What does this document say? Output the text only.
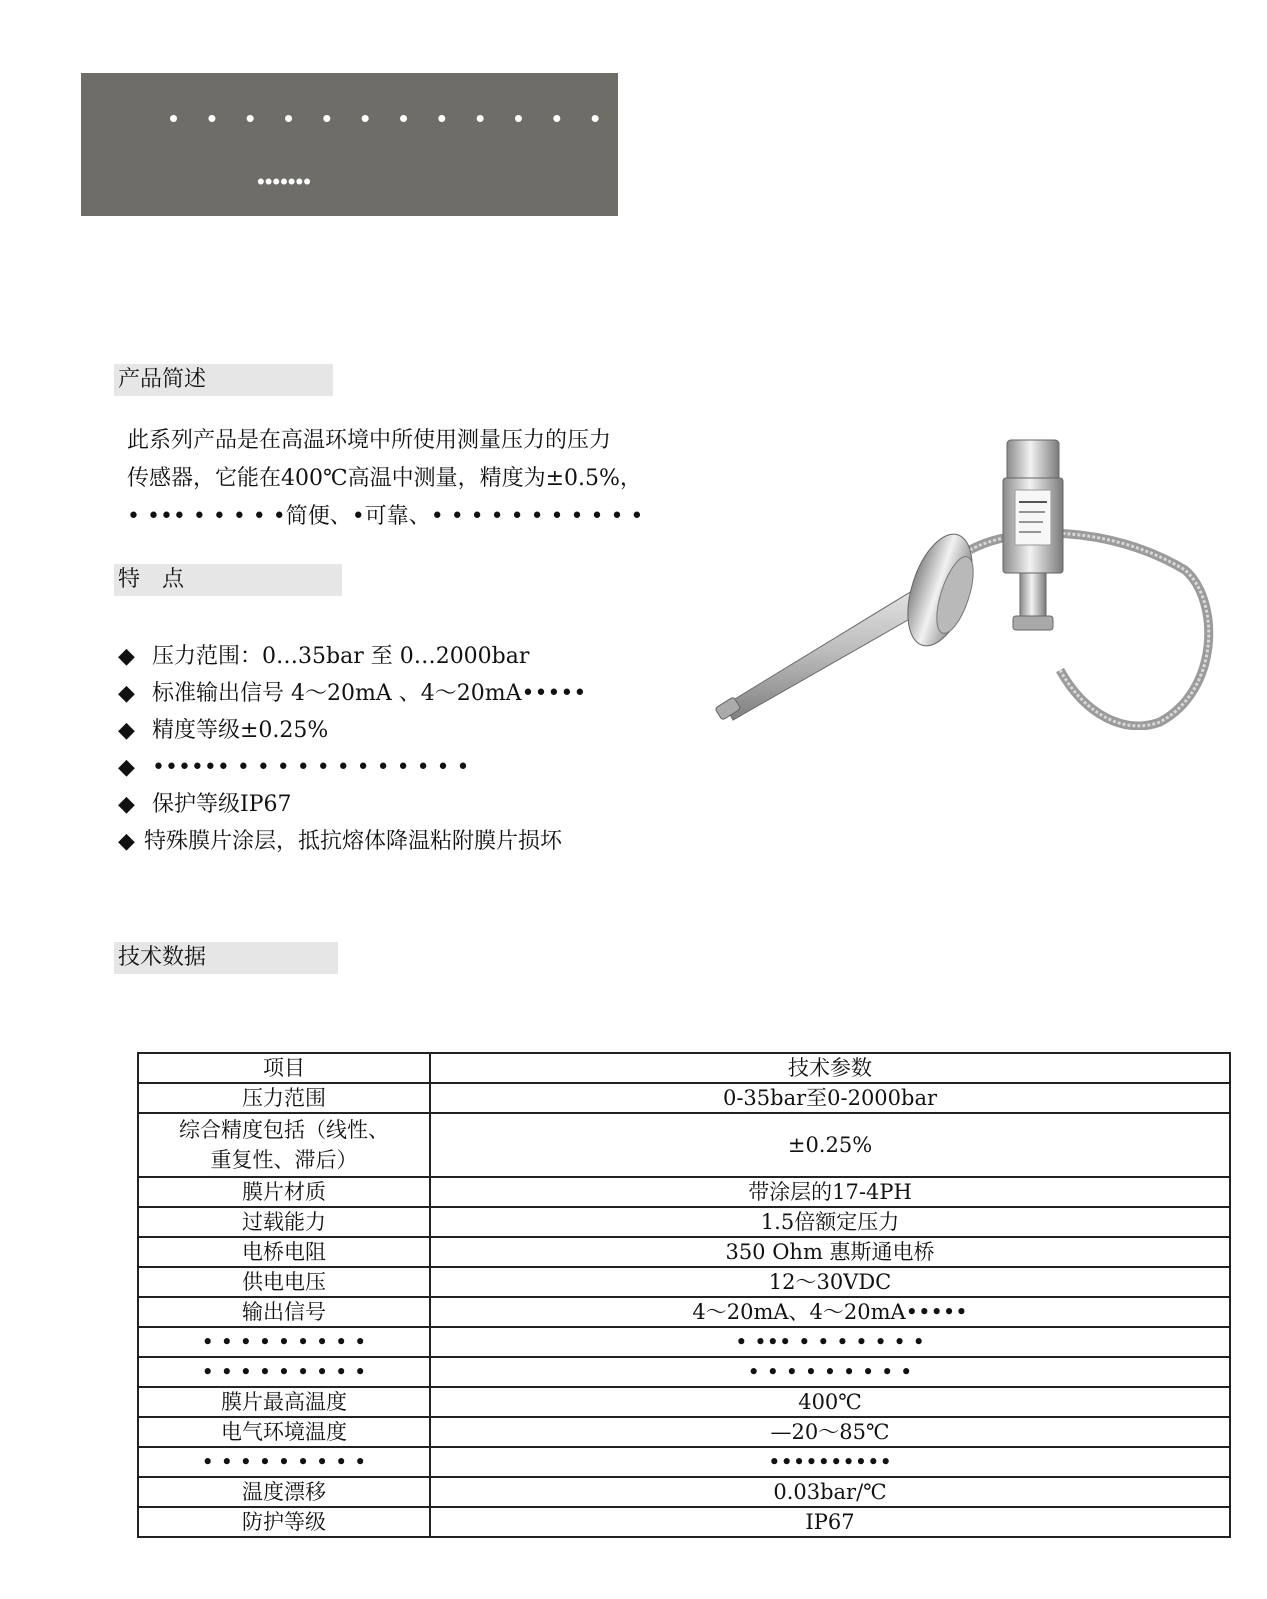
• • • • • • • • • • • •
•••••••
产品简述
此系列产品是在高温环境中所使用测量压力的压力
传感器，它能在400℃高温中测量，精度为±0.5%，
• ••• • • • • •简便、•可靠、• • • • • • • • • • •
特　点
◆ 压力范围：0…35bar 至 0…2000bar
◆ 标准输出信号 4～20mA 、4～20mA•••••
◆ 精度等级±0.25%
◆ •••••• • • • • • • • • • • • •
◆ 保护等级IP67
◆ 特殊膜片涂层，抵抗熔体降温粘附膜片损坏
技术数据
项目	技术参数
压力范围	0-35bar至0-2000bar
综合精度包括（线性、
重复性、滞后）	±0.25%
膜片材质	带涂层的17-4PH
过载能力	1.5倍额定压力
电桥电阻	350 Ohm 惠斯通电桥
供电电压	12～30VDC
输出信号	4～20mA、4～20mA•••••
• • • • • • • • •	• ••• • • • • • • •
• • • • • • • • •	• • • • • • • • •
膜片最高温度	400℃
电气环境温度	—20～85℃
• • • • • • • • •	••••••••••
温度漂移	0.03bar/℃
防护等级	IP67
